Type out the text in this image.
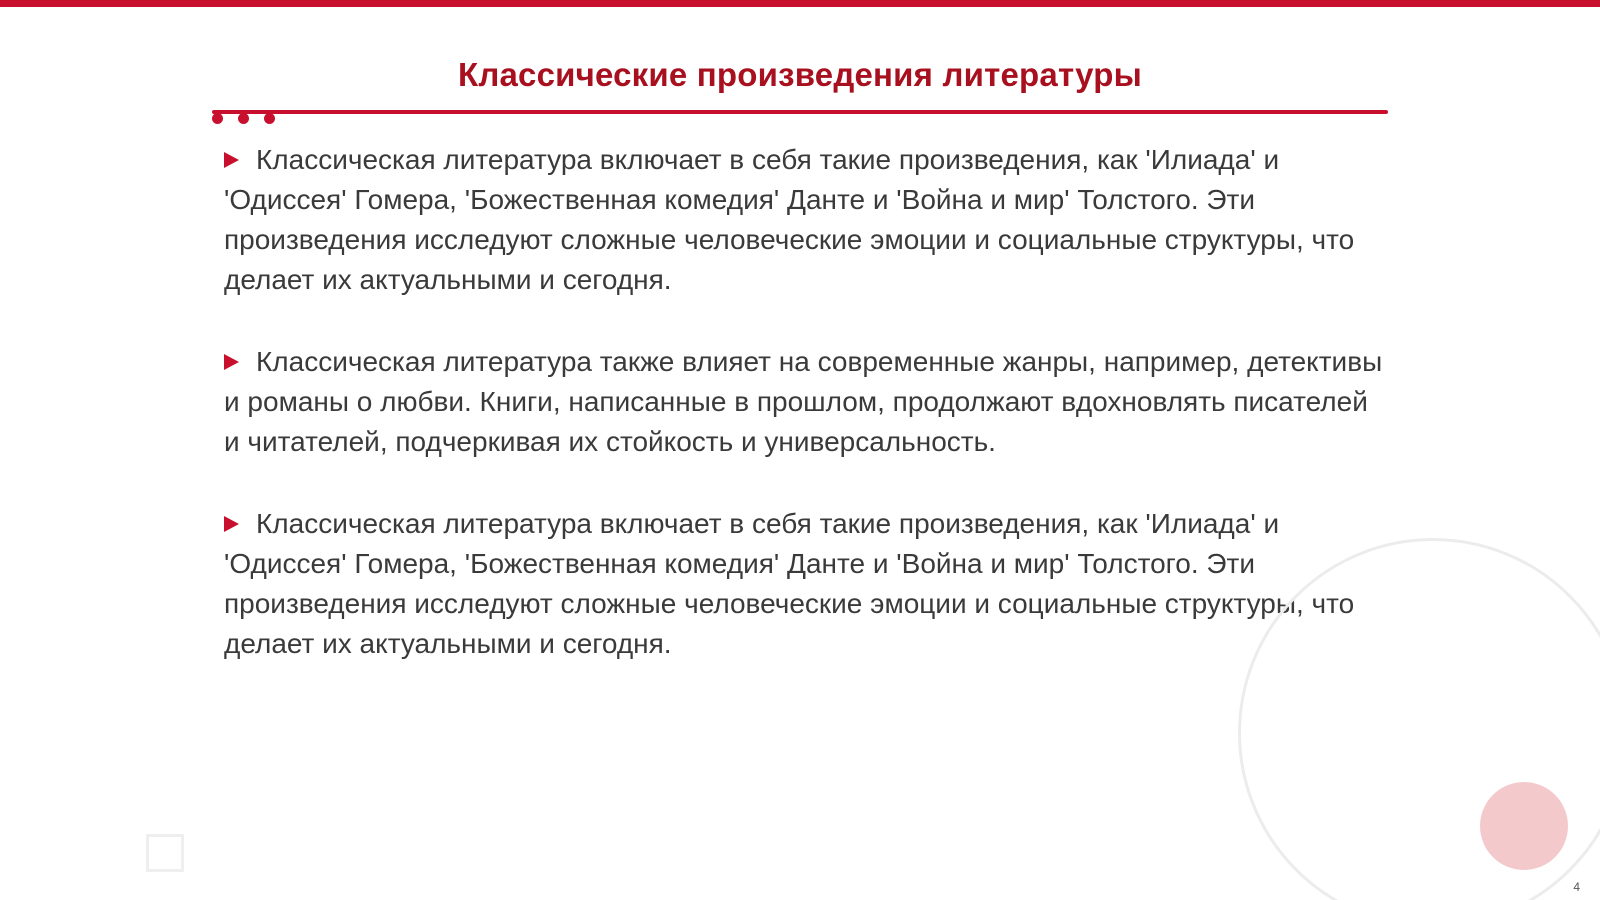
Классические произведения литературы

Классическая литература включает в себя такие произведения, как 'Илиада' и 'Одиссея' Гомера, 'Божественная комедия' Данте и 'Война и мир' Толстого. Эти произведения исследуют сложные человеческие эмоции и социальные структуры, что делает их актуальными и сегодня.

Классическая литература также влияет на современные жанры, например, детективы и романы о любви. Книги, написанные в прошлом, продолжают вдохновлять писателей и читателей, подчеркивая их стойкость и универсальность.

Классическая литература включает в себя такие произведения, как 'Илиада' и 'Одиссея' Гомера, 'Божественная комедия' Данте и 'Война и мир' Толстого. Эти произведения исследуют сложные человеческие эмоции и социальные структуры, что делает их актуальными и сегодня.

4
